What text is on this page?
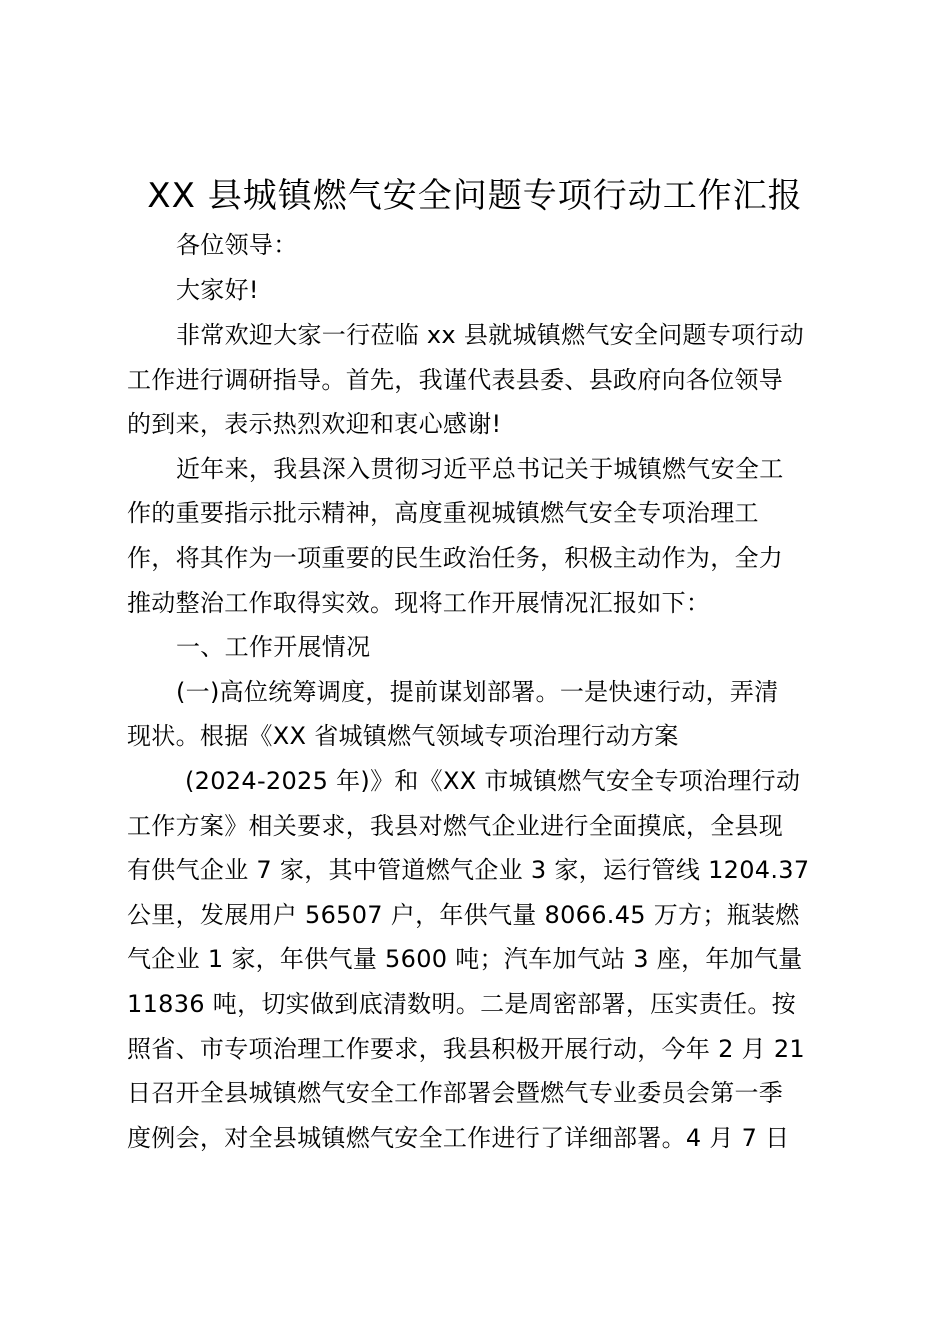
XX 县城镇燃气安全问题专项行动工作汇报
各位领导：
大家好!
非常欢迎大家一行莅临 xx 县就城镇燃气安全问题专项行动
工作进行调研指导。首先，我谨代表县委、县政府向各位领导
的到来，表示热烈欢迎和衷心感谢!
近年来，我县深入贯彻习近平总书记关于城镇燃气安全工
作的重要指示批示精神，高度重视城镇燃气安全专项治理工
作，将其作为一项重要的民生政治任务，积极主动作为，全力
推动整治工作取得实效。现将工作开展情况汇报如下：
一、工作开展情况
(一)高位统筹调度，提前谋划部署。一是快速行动，弄清
现状。根据《XX 省城镇燃气领域专项治理行动方案
(2024-2025 年)》和《XX 市城镇燃气安全专项治理行动
工作方案》相关要求，我县对燃气企业进行全面摸底，全县现
有供气企业 7 家，其中管道燃气企业 3 家，运行管线 1204.37
公里，发展用户 56507 户，年供气量 8066.45 万方；瓶装燃
气企业 1 家，年供气量 5600 吨；汽车加气站 3 座，年加气量
11836 吨，切实做到底清数明。二是周密部署，压实责任。按
照省、市专项治理工作要求，我县积极开展行动，今年 2 月 21
日召开全县城镇燃气安全工作部署会暨燃气专业委员会第一季
度例会，对全县城镇燃气安全工作进行了详细部署。4 月 7 日
